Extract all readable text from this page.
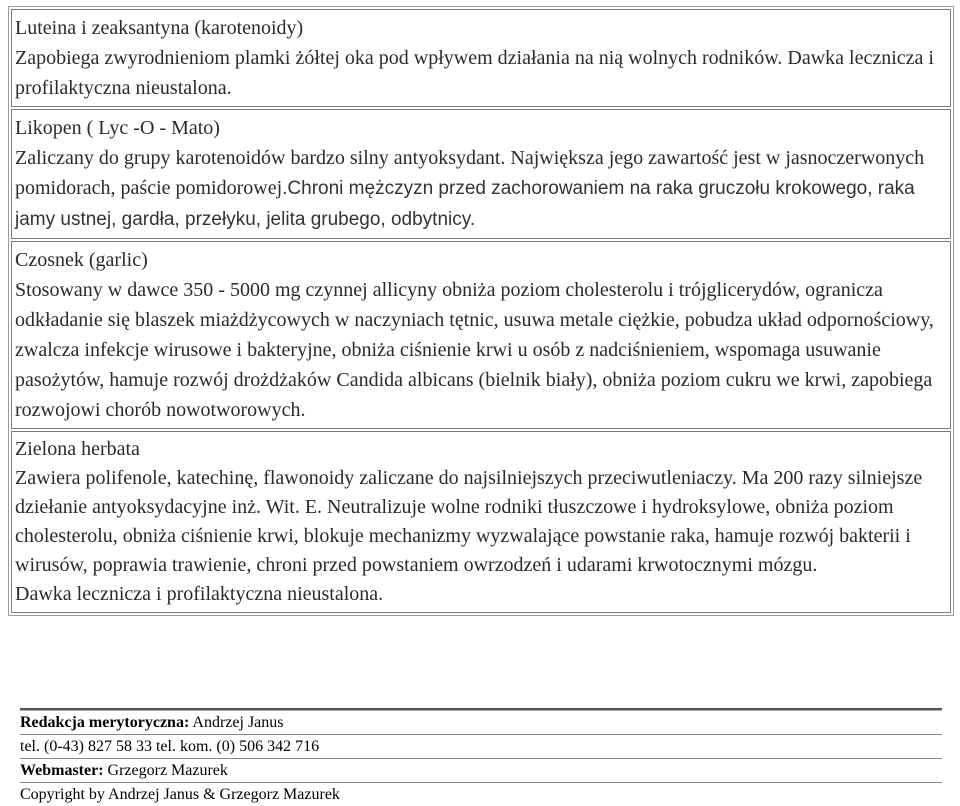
Luteina i zeaksantyna (karotenoidy)
Zapobiega zwyrodnieniom plamki żółtej oka pod wpływem działania na nią wolnych rodników. Dawka lecznicza i profilaktyczna nieustalona.

Likopen ( Lyc -O - Mato)
Zaliczany do grupy karotenoidów bardzo silny antyoksydant. Największa jego zawartość jest w jasnoczerwonych pomidorach, paście pomidorowej.Chroni mężczyzn przed zachorowaniem na raka gruczołu krokowego, raka jamy ustnej, gardła, przełyku, jelita grubego, odbytnicy.

Czosnek (garlic)
Stosowany w dawce 350 - 5000 mg czynnej allicyny obniża poziom cholesterolu i trójglicerydów, ogranicza odkładanie się blaszek miażdżycowych w naczyniach tętnic, usuwa metale ciężkie, pobudza układ odpornościowy, zwalcza infekcje wirusowe i bakteryjne, obniża ciśnienie krwi u osób z nadciśnieniem, wspomaga usuwanie pasożytów, hamuje rozwój drożdżaków Candida albicans (bielnik biały), obniża poziom cukru we krwi, zapobiega rozwojowi chorób nowotworowych.

Zielona herbata
Zawiera polifenole, katechinę, flawonoidy zaliczane do najsilniejszych przeciwutleniaczy. Ma 200 razy silniejsze dziełanie antyoksydacyjne inż. Wit. E. Neutralizuje wolne rodniki tłuszczowe i hydroksylowe, obniża poziom cholesterolu, obniża ciśnienie krwi, blokuje mechanizmy wyzwalające powstanie raka, hamuje rozwój bakterii i wirusów, poprawia trawienie, chroni przed powstaniem owrzodzeń i udarami krwotocznymi mózgu.
Dawka lecznicza i profilaktyczna nieustalona.
Redakcja merytoryczna: Andrzej Janus
tel. (0-43) 827 58 33 tel. kom. (0) 506 342 716
Webmaster: Grzegorz Mazurek
Copyright by Andrzej Janus & Grzegorz Mazurek
